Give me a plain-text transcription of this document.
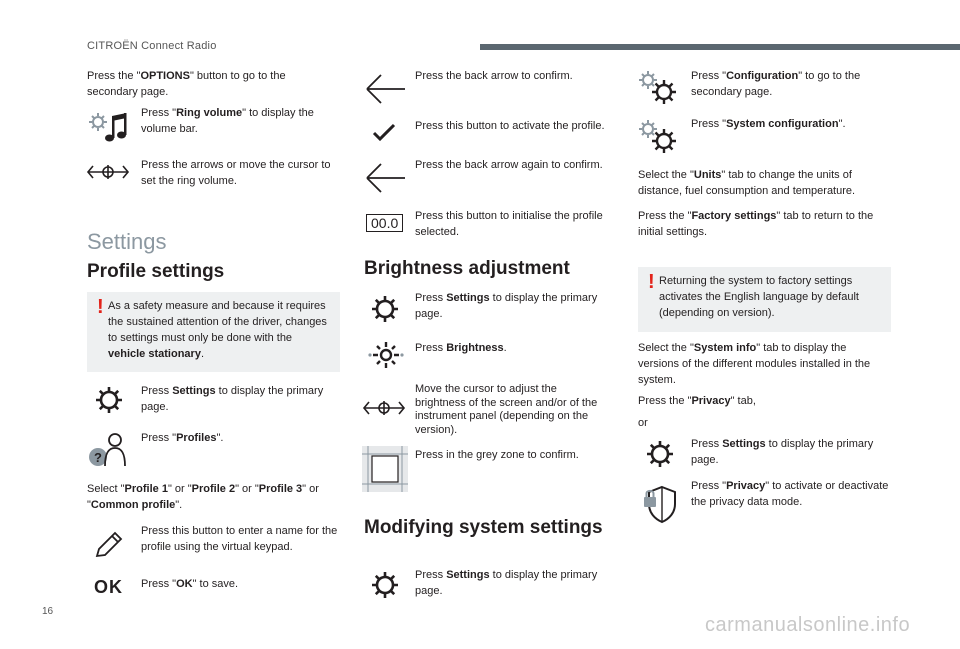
CITROËN Connect Radio
Press the "OPTIONS" button to go to the secondary page.
Press "Ring volume" to display the volume bar.
Press the arrows or move the cursor to set the ring volume.
Settings
Profile settings
! As a safety measure and because it requires the sustained attention of the driver, changes to settings must only be done with the vehicle stationary.
Press Settings to display the primary page.
?
Press "Profiles".
Select "Profile 1" or "Profile 2" or "Profile 3" or "Common profile".
Press this button to enter a name for the profile using the virtual keypad.
OK Press "OK" to save.
Press the back arrow to confirm.
Press this button to activate the profile.
Press the back arrow again to confirm.
00.0	Press this button to initialise the profile selected.
Brightness adjustment
Press Settings to display the primary page.
Press Brightness.
Move the cursor to adjust the brightness of the screen and/or of the instrument panel (depending on the version).
Press in the grey zone to confirm.
Modifying system settings
Press Settings to display the primary page.
Press "Configuration" to go to the secondary page.
Press "System configuration".
Select the "Units" tab to change the units of distance, fuel consumption and temperature.
Press the "Factory settings" tab to return to the initial settings.
! Returning the system to factory settings activates the English language by default (depending on version).
Select the "System info" tab to display the versions of the different modules installed in the system.
Press the "Privacy" tab,
or
Press Settings to display the primary page.
Press "Privacy" to activate or deactivate the privacy data mode.
16
carmanualsonline.info
